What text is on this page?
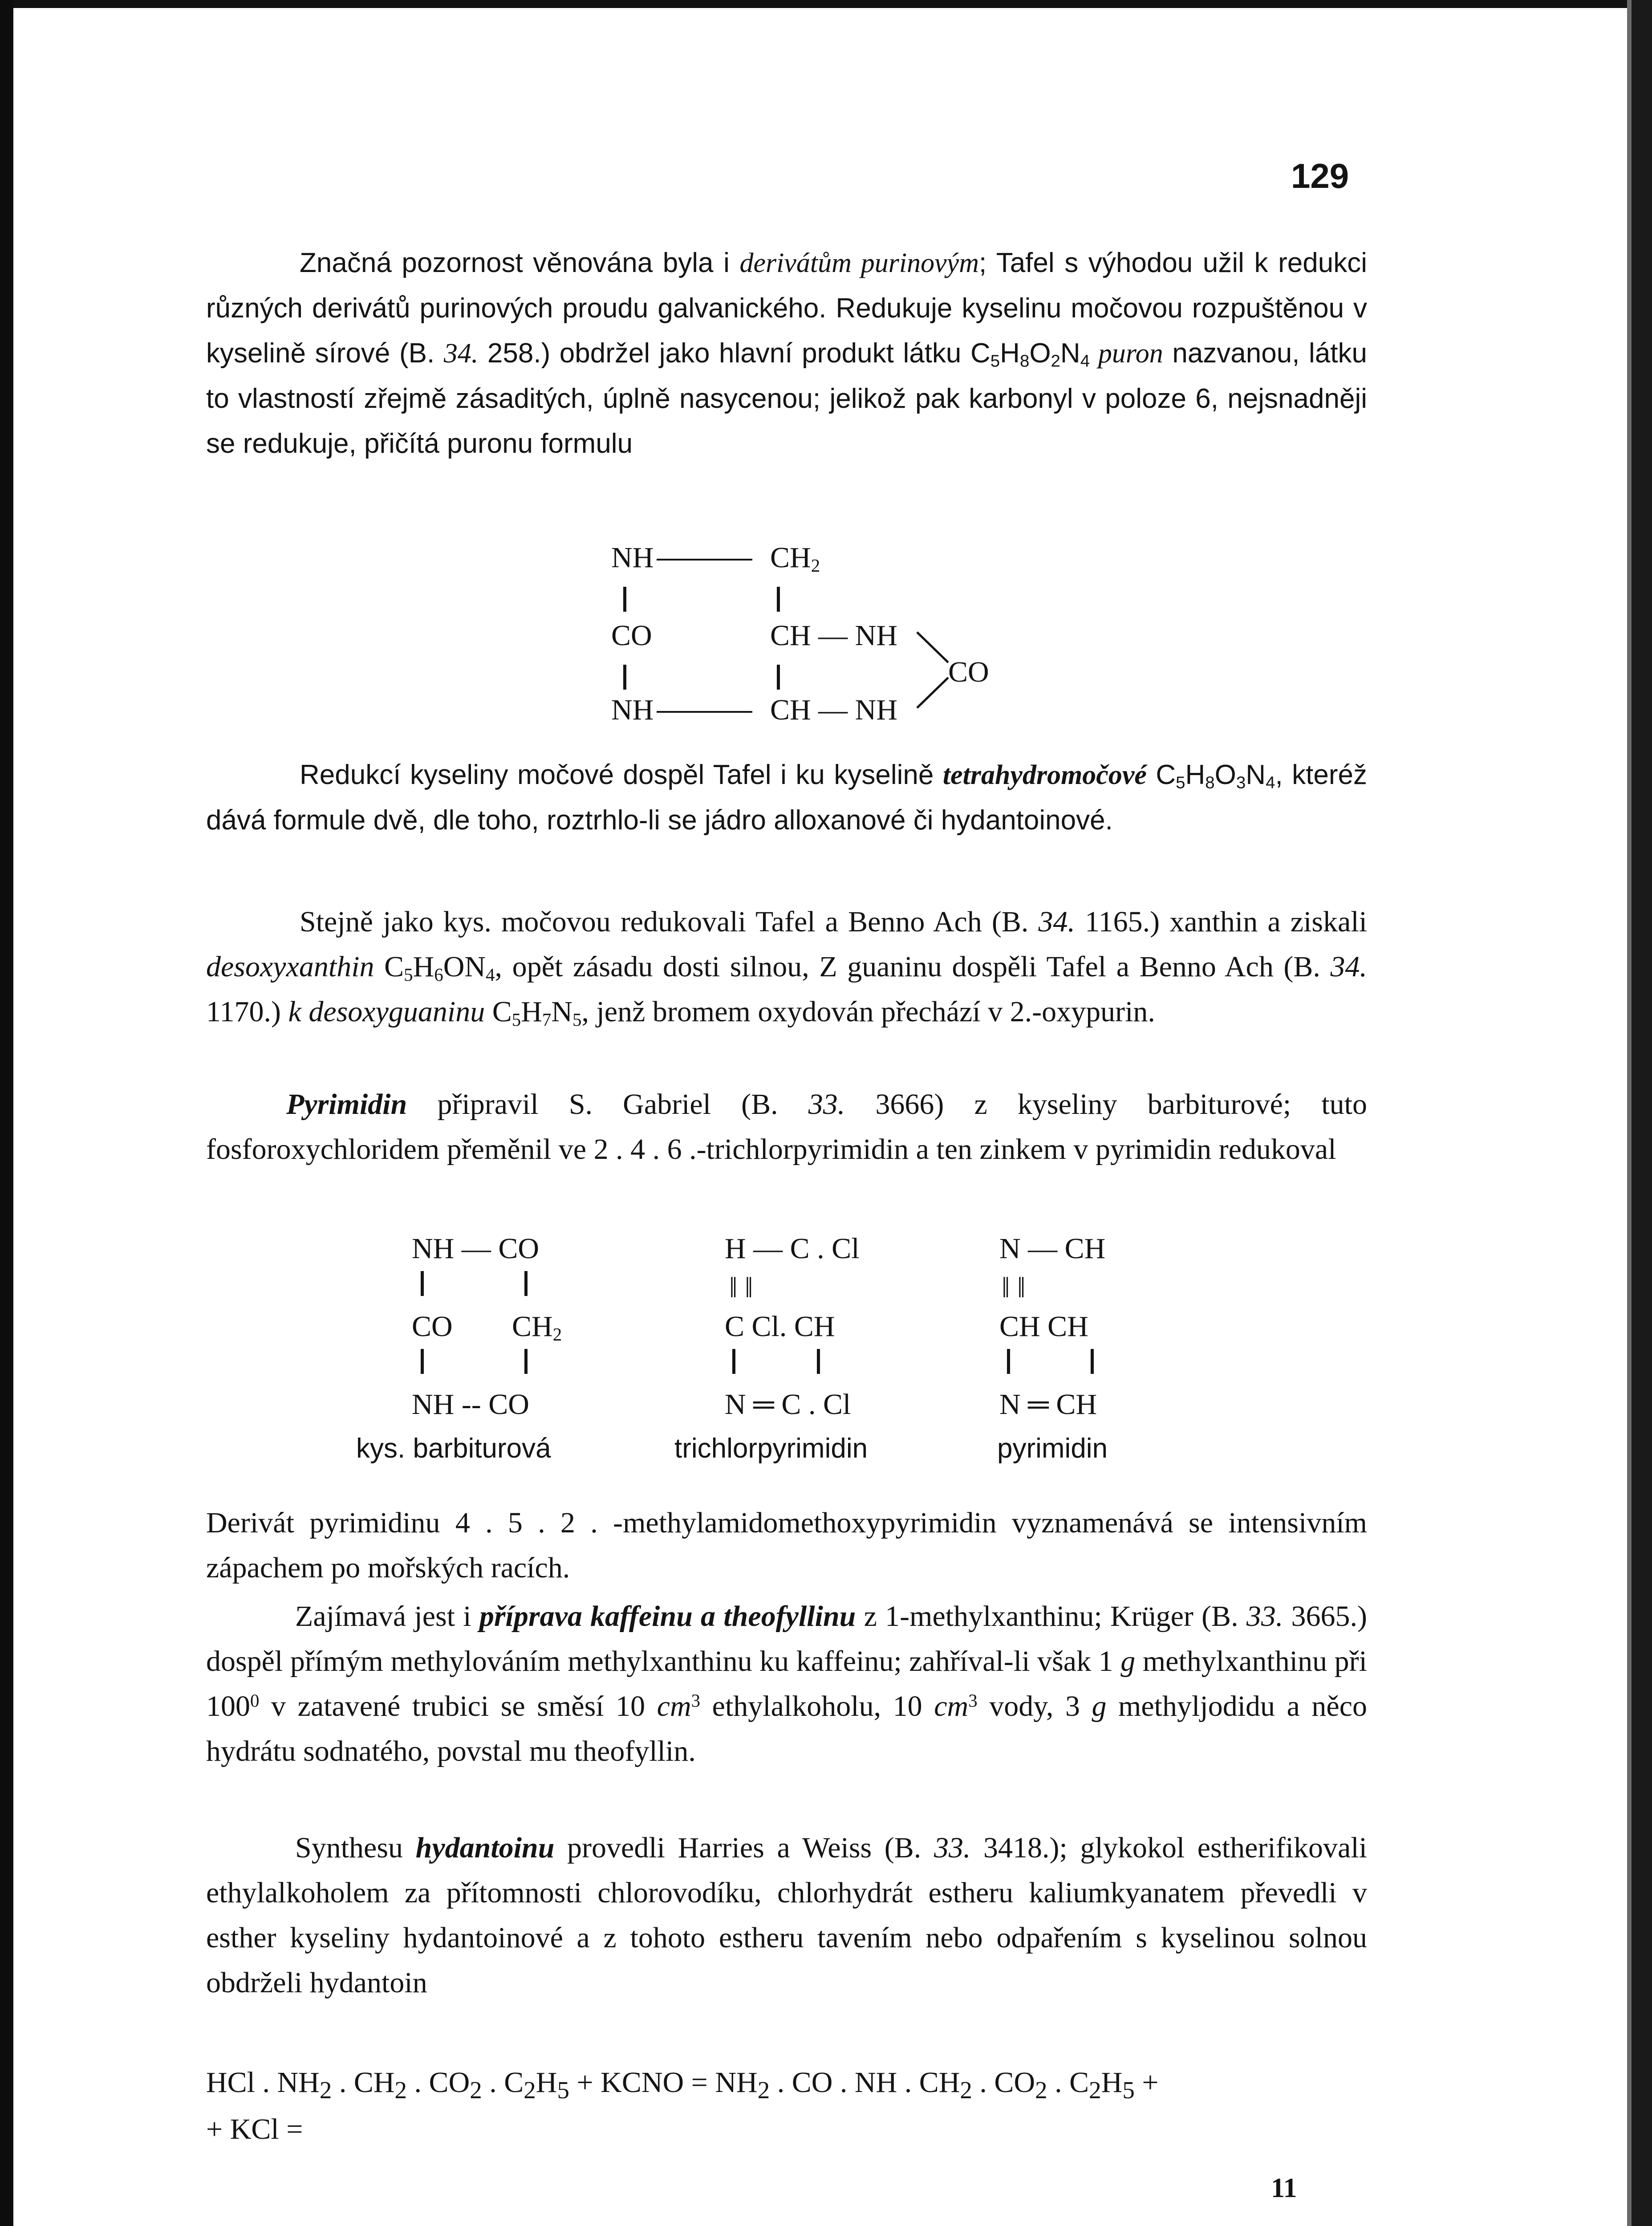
129

Značná pozornost věnována byla i derivátům purinovým; Tafel s výhodou užil k redukci různých derivátů purinových proudu galvanického. Redukuje kyselinu močovou rozpuštěnou v kyselině sírové (B. 34. 258.) obdržel jako hlavní produkt látku $C_5H_8O_2N_4$ puron nazvanou, látku to vlastností zřejmě zásaditých, úplně nasycenou; jelikož pak karbonyl v poloze 6, nejsnadněji se redukuje, přičítá puronu formulu

NH	$CH_2$
CO	CH — NH
CO
NH	CH — NH

Redukcí kyseliny močové dospěl Tafel i ku kyselině tetrahydromočové $C_5H_8O_3N_4$, kteréž dává formule dvě, dle toho, roztrhlo-li se jádro alloxanové či hydantoinové.

Stejně jako kys. močovou redukovali Tafel a Benno Ach (B. 34. 1165.) xanthin a ziskali desoxyxanthin $C_5H_6ON_4$, opět zásadu dosti silnou, Z guaninu dospěli Tafel a Benno Ach (B. 34. 1170.) k desoxyguaninu $C_5H_7N_5$, jenž bromem oxydován přechází v 2.-oxypurin.

Pyrimidin připravil S. Gabriel (B. 33. 3666) z kyseliny barbiturové; tuto fosforoxychloridem přeměnil ve 2 . 4 . 6 .-trichlorpyrimidin a ten zinkem v pyrimidin redukoval

NH — CO
CO $CH_2$
NH -- CO
kys. barbiturová
H — C . Cl
ǁ ǁ
C Cl. CH
N ═ C . Cl
trichlorpyrimidin
N — CH
ǁ ǁ
CH CH
N ═ CH
pyrimidin

Derivát pyrimidinu 4 . 5 . 2 . -methylamidomethoxypyrimidin vyznamenává se intensivním zápachem po mořských racích.

Zajímavá jest i příprava kaffeinu a theofyllinu z 1-methylxanthinu; Krüger (B. 33. 3665.) dospěl přímým methylováním methylxanthinu ku kaffeinu; zahříval-li však 1 g methylxanthinu při $100^0$ v zatavené trubici se směsí 10 $cm^3$ ethylalkoholu, 10 $cm^3$ vody, 3 g methyljodidu a něco hydrátu sodnatého, povstal mu theofyllin.

Synthesu hydantoinu provedli Harries a Weiss (B. 33. 3418.); glykokol estherifikovali ethylalkoholem za přítomnosti chlorovodíku, chlorhydrát estheru kaliumkyanatem převedli v esther kyseliny hydantoinové a z tohoto estheru tavením nebo odpařením s kyselinou solnou obdrželi hydantoin

HCl . $NH_2$ . $CH_2$ . $CO_2$ . $C_2H_5$ + KCNO = $NH_2$ . CO . NH . $CH_2$ . $CO_2$ . $C_2H_5$ +
+ KCl =
11
